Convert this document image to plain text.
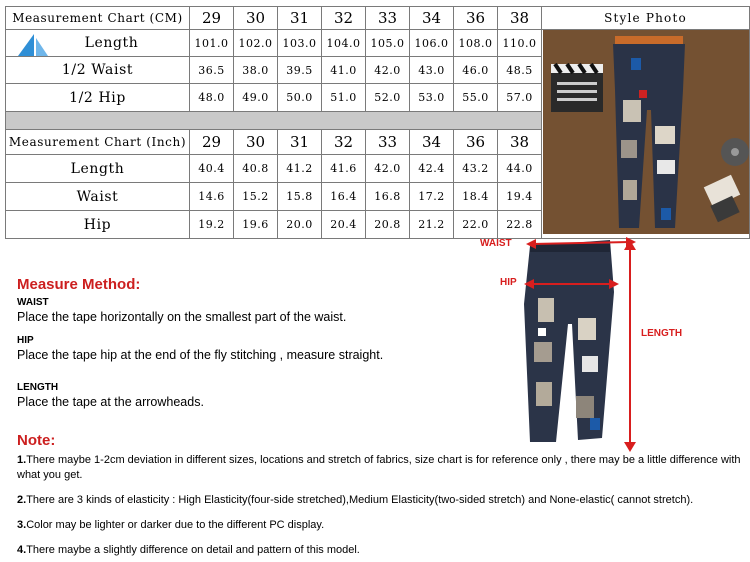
Measurement Chart (CM)	29	30	31	32	33	34	36	38	Style Photo

Length	101.0	102.0	103.0	104.0	105.0	106.0	108.0	110.0	
1/2 Waist	36.5	38.0	39.5	41.0	42.0	43.0	46.0	48.5	
1/2 Hip	48.0	49.0	50.0	51.0	52.0	53.0	55.0	57.0	

Measurement Chart (Inch)	29	30	31	32	33	34	36	38	
Length	40.4	40.8	41.2	41.6	42.0	42.4	43.2	44.0	
Waist	14.6	15.2	15.8	16.4	16.8	17.2	18.4	19.4	
Hip	19.2	19.6	20.0	20.4	20.8	21.2	22.0	22.8	
WAIST
HIP
LENGTH
Measure Method:
WAIST
Place the tape horizontally on the smallest part of the waist.
HIP
Place the tape hip at the end of the fly stitching , measure straight.
LENGTH
Place the tape at the arrowheads.
Note:

1.There maybe 1-2cm deviation in different sizes, locations and stretch of fabrics, size chart is for reference only , there may be a little difference with what you get.

2.There are 3 kinds of elasticity : High Elasticity(four-side stretched),Medium Elasticity(two-sided stretch) and None-elastic( cannot stretch).

3.Color may be lighter or darker due to the different PC display.

4.There maybe a slightly difference on detail and pattern of this model.
